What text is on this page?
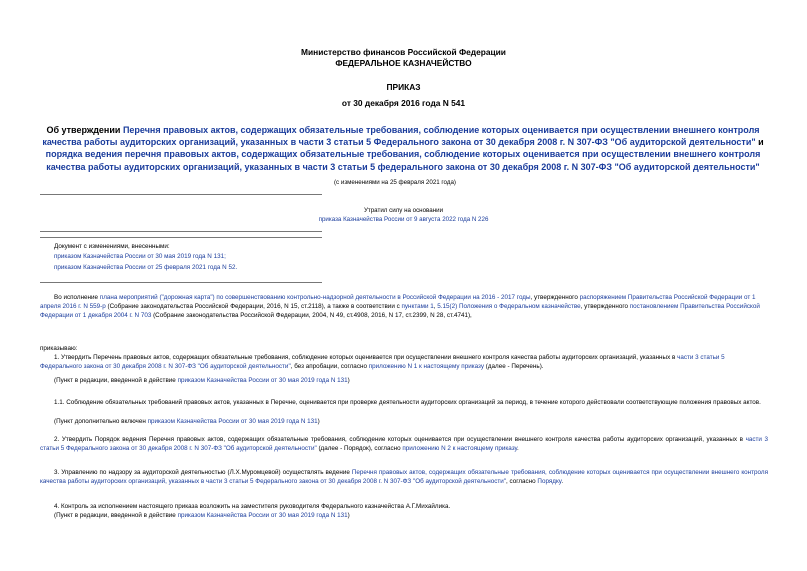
Министерство финансов Российской Федерации
ФЕДЕРАЛЬНОЕ КАЗНАЧЕЙСТВО
ПРИКАЗ
от 30 декабря 2016 года N 541
Об утверждении Перечня правовых актов, содержащих обязательные требования, соблюдение которых оценивается при осуществлении внешнего контроля качества работы аудиторских организаций, указанных в части 3 статьи 5 Федерального закона от 30 декабря 2008 г. N 307-ФЗ "Об аудиторской деятельности" и порядка ведения перечня правовых актов, содержащих обязательные требования, соблюдение которых оценивается при осуществлении внешнего контроля качества работы аудиторских организаций, указанных в части 3 статьи 5 федерального закона от 30 декабря 2008 г. N 307-ФЗ "Об аудиторской деятельности"
(с изменениями на 25 февраля 2021 года)
Утратил силу на основании
приказа Казначейства России от 9 августа 2022 года N 226
Документ с изменениями, внесенными:
приказом Казначейства России от 30 мая 2019 года N 131;
приказом Казначейства России от 25 февраля 2021 года N 52.
Во исполнение плана мероприятий ("дорожная карта") по совершенствованию контрольно-надзорной деятельности в Российской Федерации на 2016 - 2017 годы, утвержденного распоряжением Правительства Российской Федерации от 1 апреля 2016 г. N 559-р (Собрание законодательства Российской Федерации, 2016, N 15, ст.2118), а также в соответствии с пунктами 1, 5.15(2) Положения о Федеральном казначействе, утвержденного постановлением Правительства Российской Федерации от 1 декабря 2004 г. N 703 (Собрание законодательства Российской Федерации, 2004, N 49, ст.4908, 2016, N 17, ст.2399, N 28, ст.4741),
приказываю:
1. Утвердить Перечень правовых актов, содержащих обязательные требования, соблюдение которых оценивается при осуществлении внешнего контроля качества работы аудиторских организаций, указанных в части 3 статьи 5 Федерального закона от 30 декабря 2008 г. N 307-ФЗ "Об аудиторской деятельности", без апробации, согласно приложению N 1 к настоящему приказу (далее - Перечень).
(Пункт в редакции, введенной в действие приказом Казначейства России от 30 мая 2019 года N 131)
1.1. Соблюдение обязательных требований правовых актов, указанных в Перечне, оценивается при проверке деятельности аудиторских организаций за период, в течение которого действовали соответствующие положения правовых актов.
(Пункт дополнительно включен приказом Казначейства России от 30 мая 2019 года N 131)
2. Утвердить Порядок ведения Перечня правовых актов, содержащих обязательные требования, соблюдение которых оценивается при осуществлении внешнего контроля качества работы аудиторских организаций, указанных в части 3 статьи 5 Федерального закона от 30 декабря 2008 г. N 307-ФЗ "Об аудиторской деятельности" (далее - Порядок), согласно приложению N 2 к настоящему приказу.
3. Управлению по надзору за аудиторской деятельностью (Л.Х.Муромцевой) осуществлять ведение Перечня правовых актов, содержащих обязательные требования, соблюдение которых оценивается при осуществлении внешнего контроля качества работы аудиторских организаций, указанных в части 3 статьи 5 Федерального закона от 30 декабря 2008 г. N 307-ФЗ "Об аудиторской деятельности", согласно Порядку.
4. Контроль за исполнением настоящего приказа возложить на заместителя руководителя Федерального казначейства А.Г.Михайлика.
(Пункт в редакции, введенной в действие приказом Казначейства России от 30 мая 2019 года N 131)
